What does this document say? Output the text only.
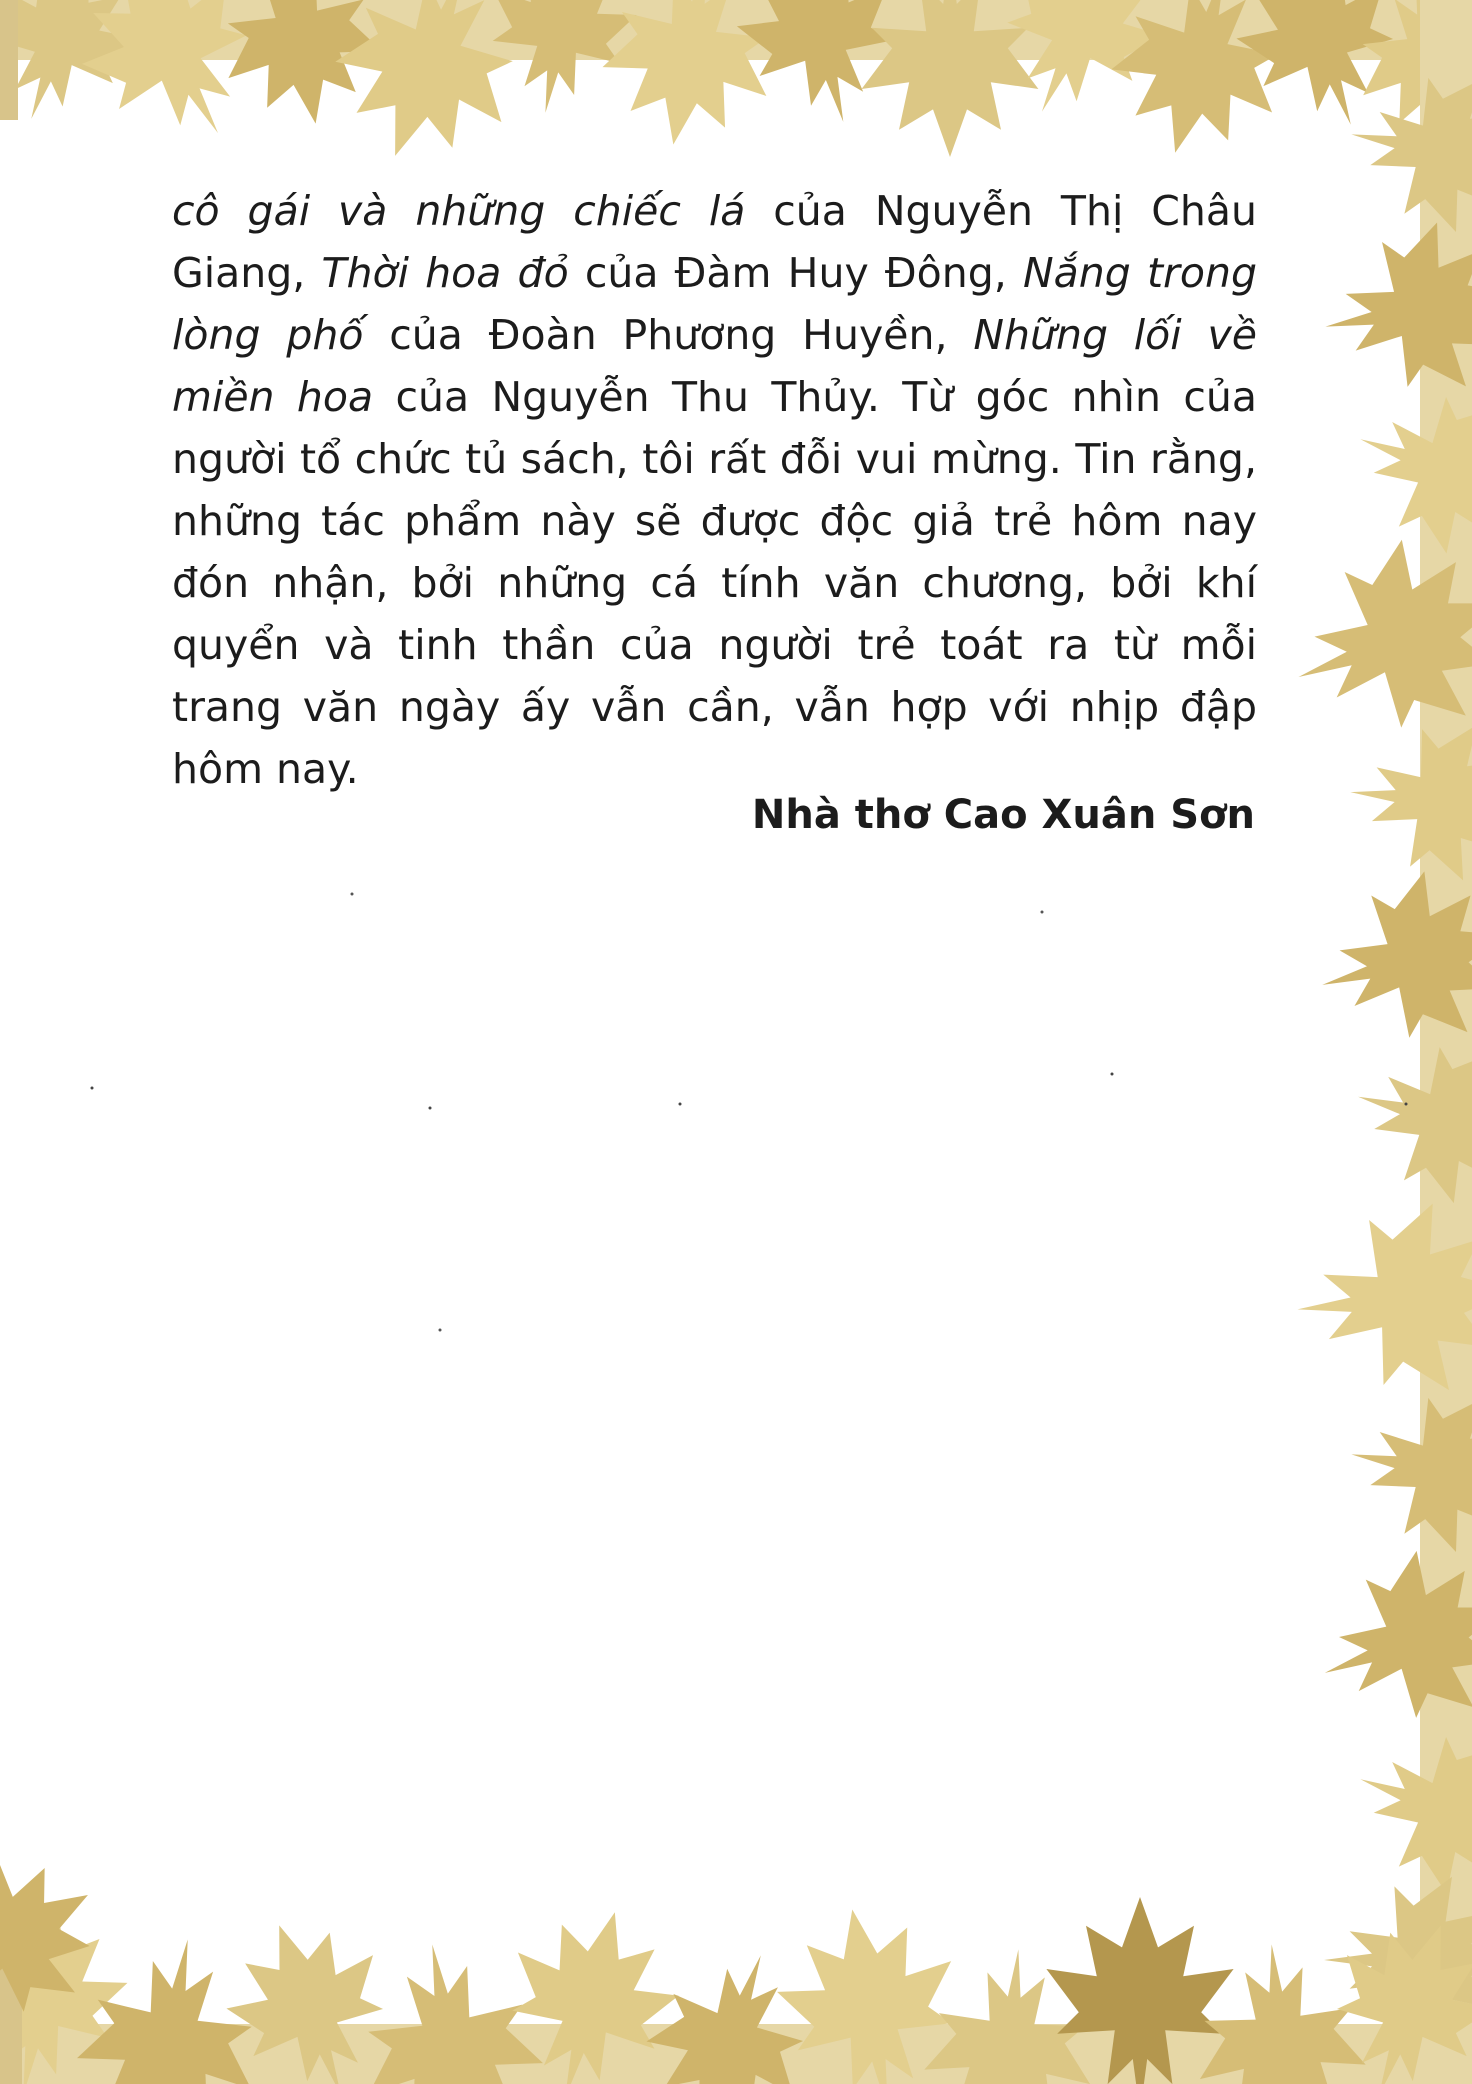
cô gái và những chiếc lá của Nguyễn Thị Châu Giang, Thời hoa đỏ của Đàm Huy Đông, Nắng trong lòng phố của Đoàn Phương Huyền, Những lối về miền hoa của Nguyễn Thu Thủy. Từ góc nhìn của người tổ chức tủ sách, tôi rất đỗi vui mừng. Tin rằng, những tác phẩm này sẽ được độc giả trẻ hôm nay đón nhận, bởi những cá tính văn chương, bởi khí quyển và tinh thần của người trẻ toát ra từ mỗi trang văn ngày ấy vẫn cần, vẫn hợp với nhịp đập hôm nay.
Nhà thơ Cao Xuân Sơn
